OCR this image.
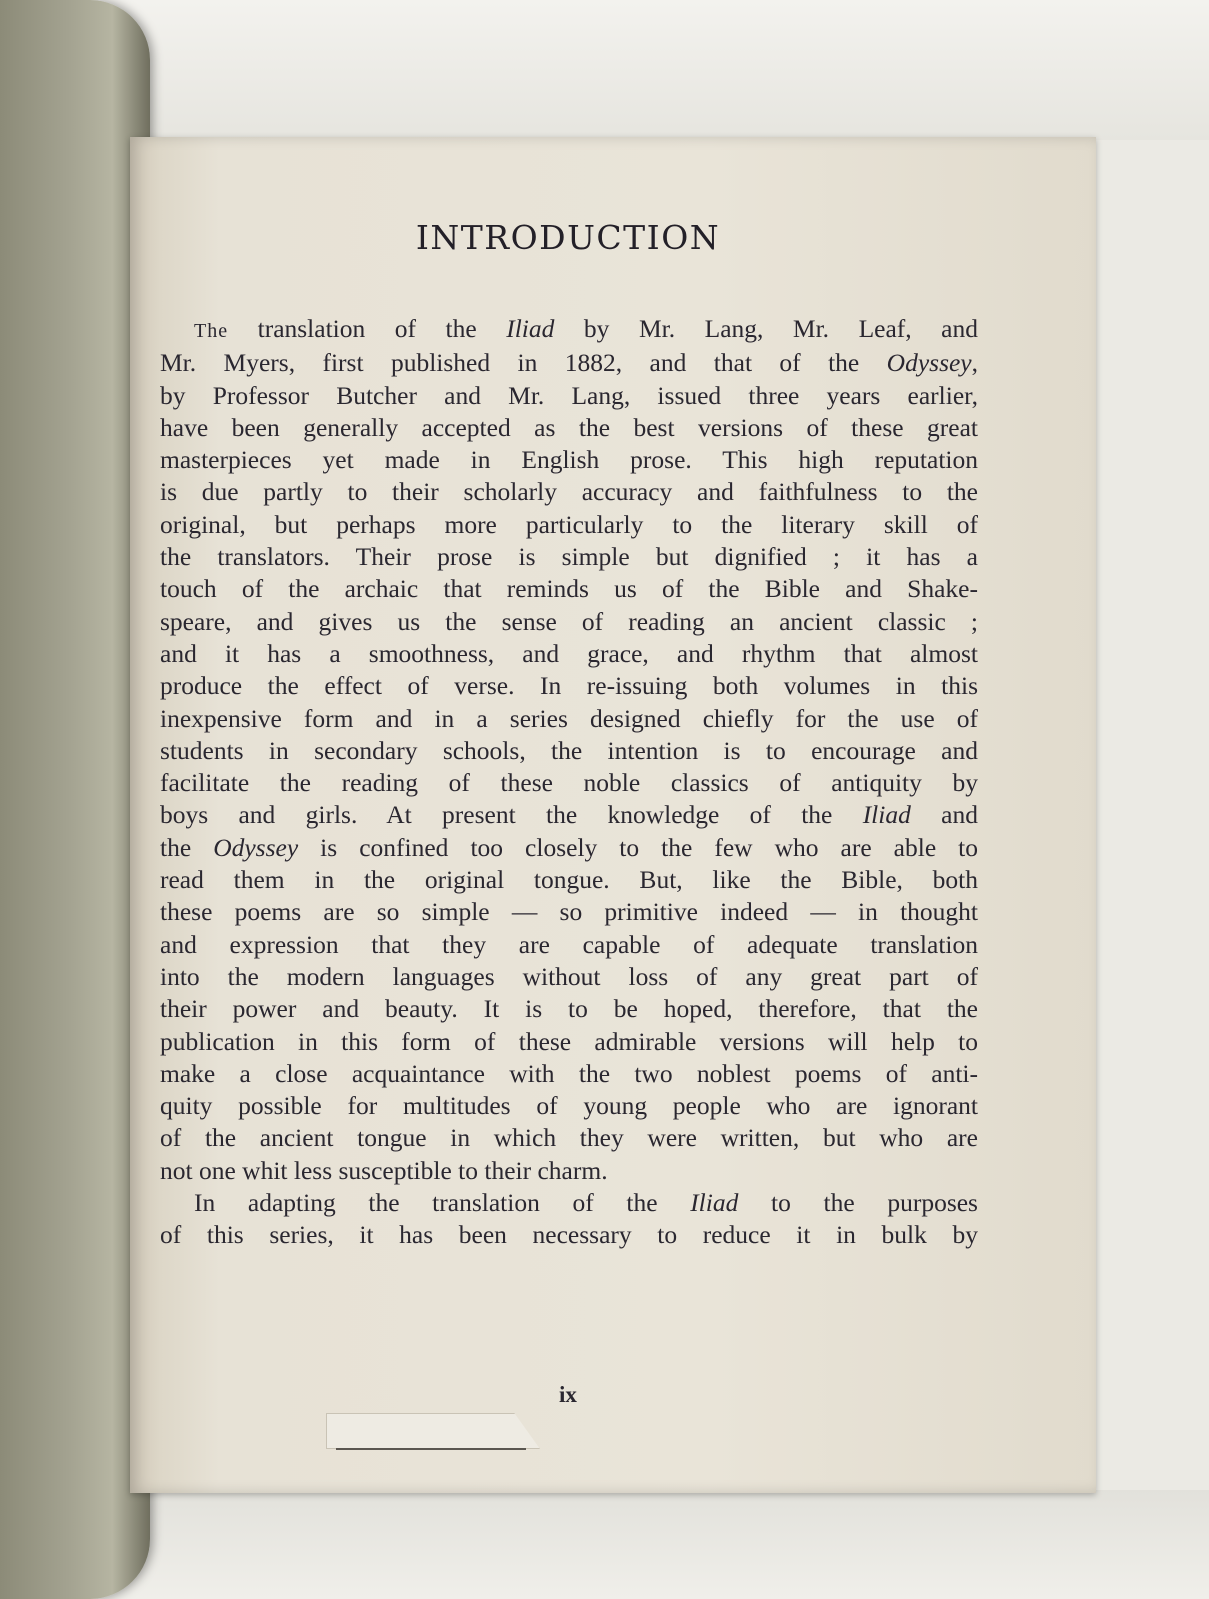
INTRODUCTION
The translation of the Iliad by Mr. Lang, Mr. Leaf, and
Mr. Myers, first published in 1882, and that of the Odyssey,
by Professor Butcher and Mr. Lang, issued three years earlier,
have been generally accepted as the best versions of these great
masterpieces yet made in English prose. This high reputation
is due partly to their scholarly accuracy and faithfulness to the
original, but perhaps more particularly to the literary skill of
the translators. Their prose is simple but dignified ; it has a
touch of the archaic that reminds us of the Bible and Shake-
speare, and gives us the sense of reading an ancient classic ;
and it has a smoothness, and grace, and rhythm that almost
produce the effect of verse. In re-issuing both volumes in this
inexpensive form and in a series designed chiefly for the use of
students in secondary schools, the intention is to encourage and
facilitate the reading of these noble classics of antiquity by
boys and girls. At present the knowledge of the Iliad and
the Odyssey is confined too closely to the few who are able to
read them in the original tongue. But, like the Bible, both
these poems are so simple — so primitive indeed — in thought
and expression that they are capable of adequate translation
into the modern languages without loss of any great part of
their power and beauty. It is to be hoped, therefore, that the
publication in this form of these admirable versions will help to
make a close acquaintance with the two noblest poems of anti-
quity possible for multitudes of young people who are ignorant
of the ancient tongue in which they were written, but who are
not one whit less susceptible to their charm.
In adapting the translation of the Iliad to the purposes
of this series, it has been necessary to reduce it in bulk by
ix
